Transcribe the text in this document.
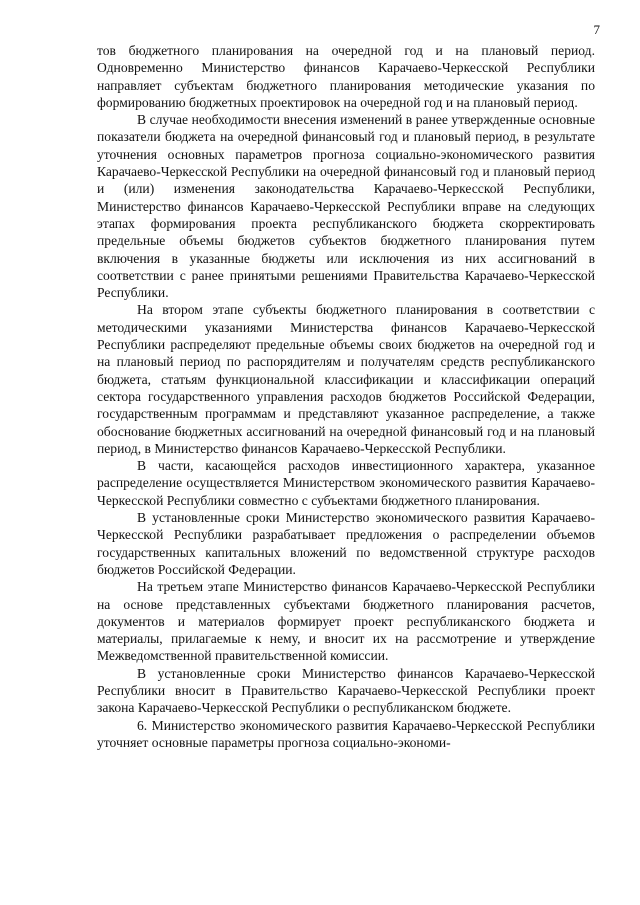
7

тов бюджетного планирования на очередной год и на плановый период. Одновременно Министерство финансов Карачаево-Черкесской Республики направляет субъектам бюджетного планирования методические указания по формированию бюджетных проектировок на очередной год и на плановый период.

В случае необходимости внесения изменений в ранее утвержденные основные показатели бюджета на очередной финансовый год и плановый период, в результате уточнения основных параметров прогноза социально-экономического развития Карачаево-Черкесской Республики на очередной финансовый год и плановый период и (или) изменения законодательства Карачаево-Черкесской Республики, Министерство финансов Карачаево-Черкесской Республики вправе на следующих этапах формирования проекта республиканского бюджета скорректировать предельные объемы бюджетов субъектов бюджетного планирования путем включения в указанные бюджеты или исключения из них ассигнований в соответствии с ранее принятыми решениями Правительства Карачаево-Черкесской Республики.

На втором этапе субъекты бюджетного планирования в соответствии с методическими указаниями Министерства финансов Карачаево-Черкесской Республики распределяют предельные объемы своих бюджетов на очередной год и на плановый период по распорядителям и получателям средств республиканского бюджета, статьям функциональной классификации и классификации операций сектора государственного управления расходов бюджетов Российской Федерации, государственным программам и представляют указанное распределение, а также обоснование бюджетных ассигнований на очередной финансовый год и на плановый период, в Министерство финансов Карачаево-Черкесской Республики.

В части, касающейся расходов инвестиционного характера, указанное распределение осуществляется Министерством экономического развития Карачаево-Черкесской Республики совместно с субъектами бюджетного планирования.

В установленные сроки Министерство экономического развития Карачаево-Черкесской Республики разрабатывает предложения о распределении объемов государственных капитальных вложений по ведомственной структуре расходов бюджетов Российской Федерации.

На третьем этапе Министерство финансов Карачаево-Черкесской Республики на основе представленных субъектами бюджетного планирования расчетов, документов и материалов формирует проект республиканского бюджета и материалы, прилагаемые к нему, и вносит их на рассмотрение и утверждение Межведомственной правительственной комиссии.

В установленные сроки Министерство финансов Карачаево-Черкесской Республики вносит в Правительство Карачаево-Черкесской Республики проект закона Карачаево-Черкесской Республики о республиканском бюджете.

6. Министерство экономического развития Карачаево-Черкесской Республики уточняет основные параметры прогноза социально-экономи-
